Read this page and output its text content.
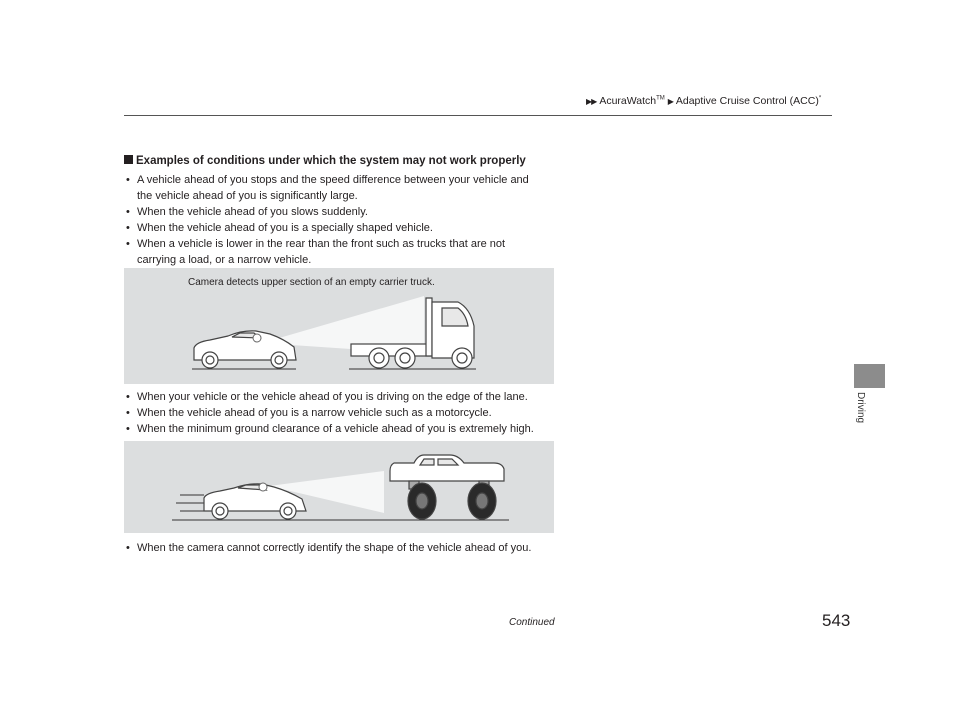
▶▶ AcuraWatch™ ▶ Adaptive Cruise Control (ACC)*
Driving
Examples of conditions under which the system may not work properly
• A vehicle ahead of you stops and the speed difference between your vehicle and
the vehicle ahead of you is significantly large.
• When the vehicle ahead of you slows suddenly.
• When the vehicle ahead of you is a specially shaped vehicle.
• When a vehicle is lower in the rear than the front such as trucks that are not
carrying a load, or a narrow vehicle.
Camera detects upper section of an empty carrier truck.
• When your vehicle or the vehicle ahead of you is driving on the edge of the lane.
• When the vehicle ahead of you is a narrow vehicle such as a motorcycle.
• When the minimum ground clearance of a vehicle ahead of you is extremely high.
• When the camera cannot correctly identify the shape of the vehicle ahead of you.
Continued	543
